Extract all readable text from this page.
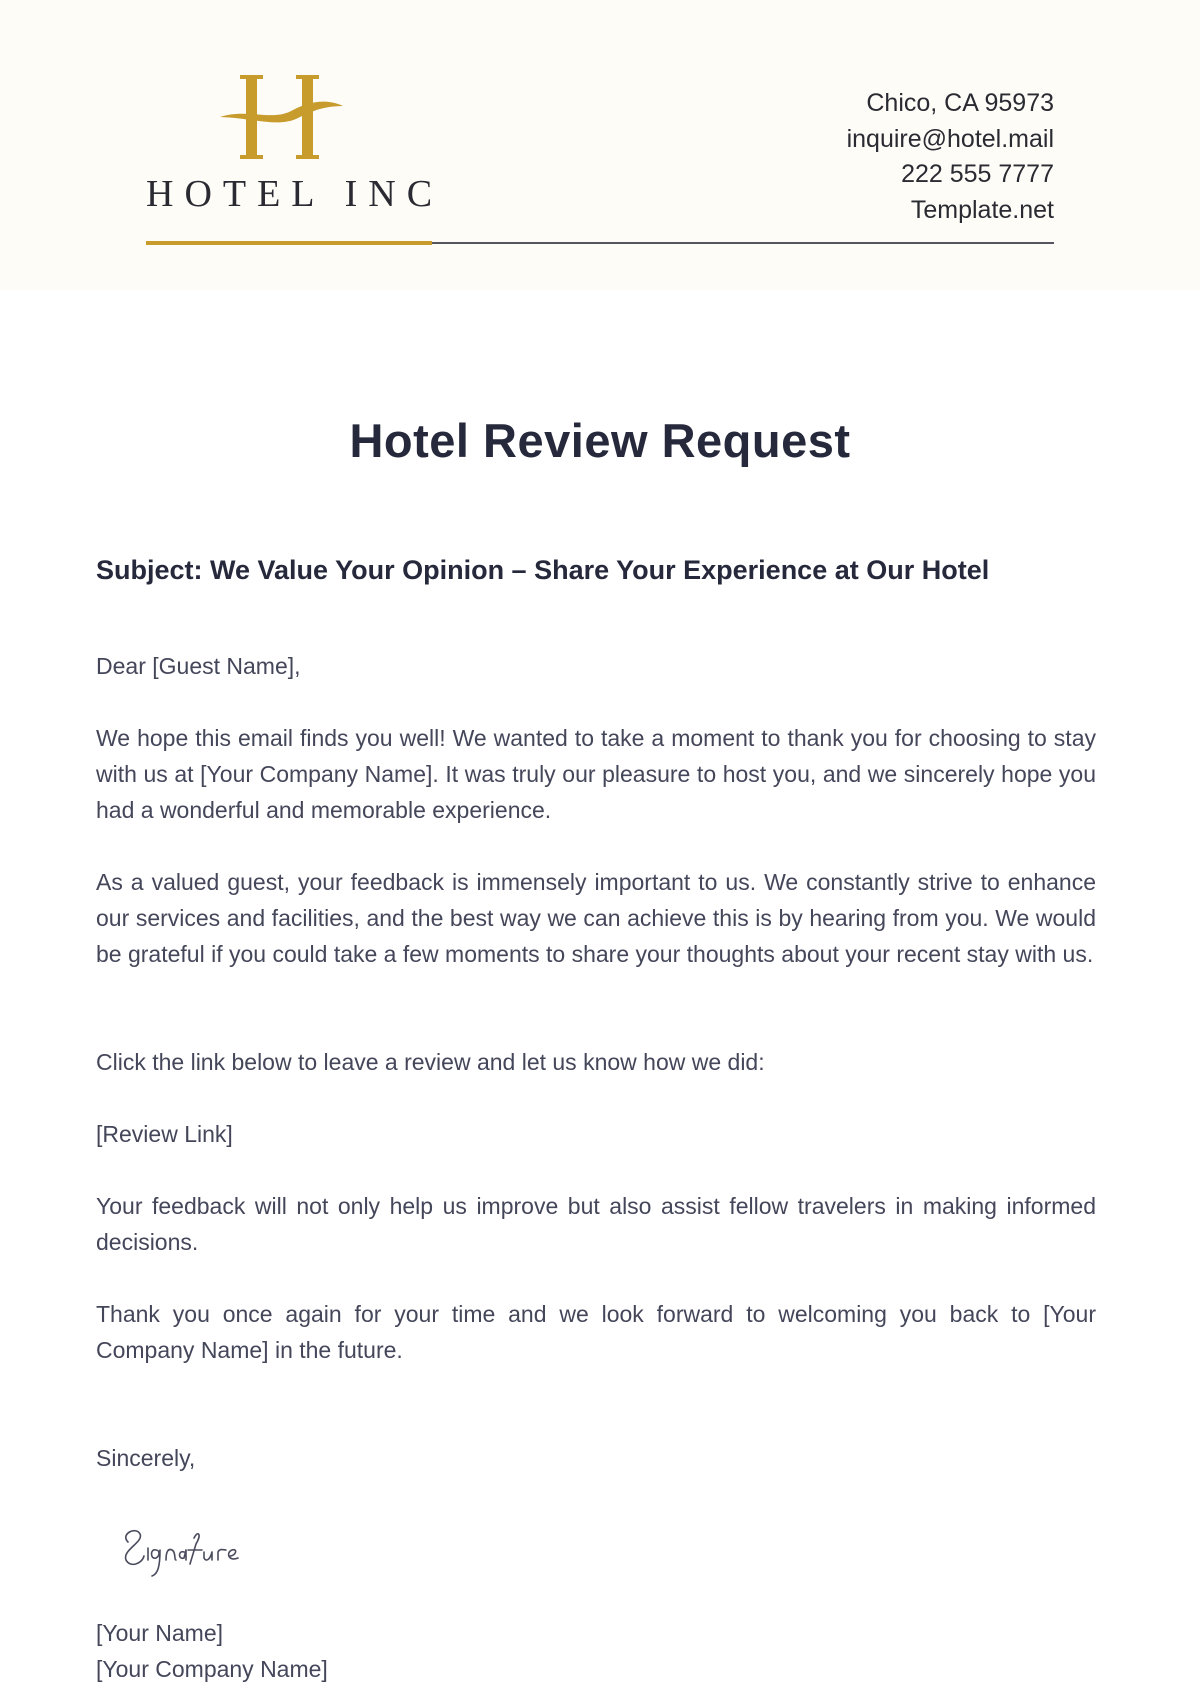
HOTEL INC
Chico, CA 95973
inquire@hotel.mail
222 555 7777
Template.net
Hotel Review Request
Subject: We Value Your Opinion – Share Your Experience at Our Hotel
Dear [Guest Name],
We hope this email finds you well! We wanted to take a moment to thank you for choosing to stay with us at [Your Company Name]. It was truly our pleasure to host you, and we sincerely hope you had a wonderful and memorable experience.
As a valued guest, your feedback is immensely important to us. We constantly strive to enhance our services and facilities, and the best way we can achieve this is by hearing from you. We would be grateful if you could take a few moments to share your thoughts about your recent stay with us.
Click the link below to leave a review and let us know how we did:
[Review Link]
Your feedback will not only help us improve but also assist fellow travelers in making informed decisions.
Thank you once again for your time and we look forward to welcoming you back to [Your Company Name] in the future.
Sincerely,
[Your Name]
[Your Company Name]
